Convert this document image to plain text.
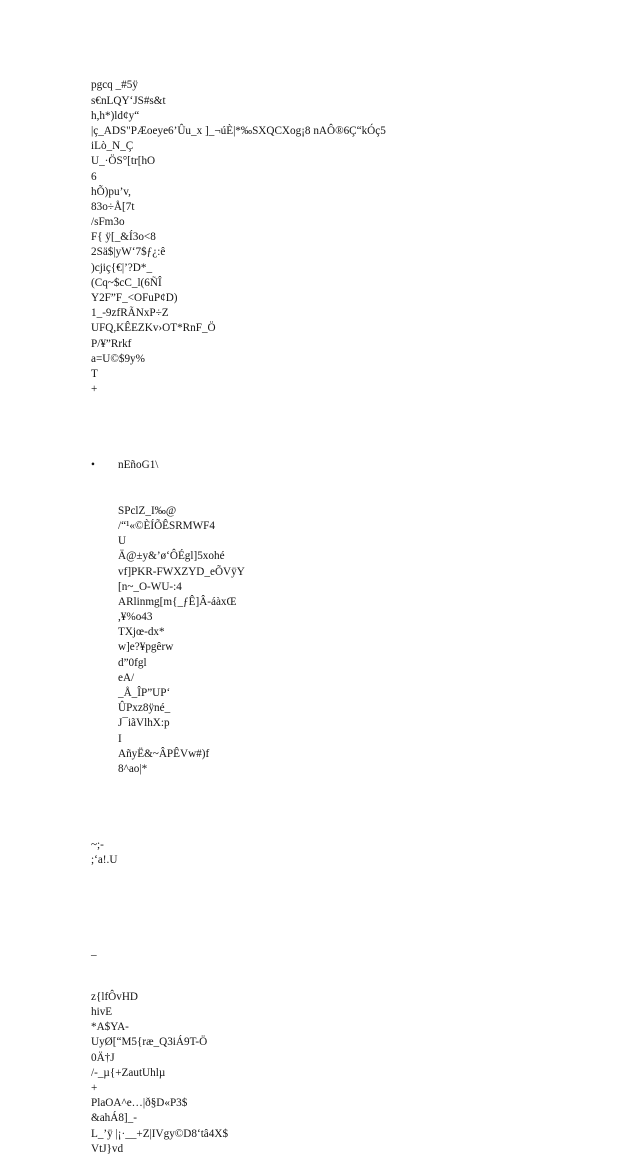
pgcq _#5ÿ
s€nLQY‘JS#s&t
h,h*)ld¢y“
|ç_ADS"PÆoeye6’Ûu_x ]_¬úÈ|*‰SXQCXog¡8 nAÔ®6Ç“kÓç5
iLò_N_Ç
U_·ÖS°[tr[hO
6
hÕ)pu’v,
83o÷Å[7t
/sFm3o
F{ ÿ[_&Í3o<8
2Sä$|yW‘7$ƒ¿:ê
)cjiç{€|’?D*_
(Cq~$cC_l(6ÑÎ
Y2F”F_<OFuP¢D)
1_-9zfRÃNxP÷Z
UFQ,KÊEZKv›OT*RnF_Ö
P/¥”Rrkf
a=U©$9y%
T
+

•	nEñoG1\

SPclZ_I‰@
/“¹«©ÈÍÕÊSRMWF4
U
Ä@±y&’ø‘ÔÉgl]5xohé
vf]PKR-FWXZYD_eÕVÿY
[n~_O-WU-:4
ARlinmg[m{_ƒÊ]Â-áàxŒ
,¥%o43
TXjœ-dx*
w]e?¥pgêrw
d”0fgl
eA/
_Å_ÎP”UP‘
ÛPxz8ÿné_
J¯iãVlhX:p
I
AñyË&~ÂPÊVw#)f
8^ao|*

~;-
;‘a!.U

_

z{lfÔvHD
hivE
*A$YA-
UyØ[“M5{ræ_Q3iÁ9T-Ö
0Ä†J
/-_µ{+ZautUhlµ
+
PlaOA^e…|ð§D«P3$
&ahÁ8]_-
L_’ÿ |¡·__+Z|IVgy©D8‘tâ4X$
VtJ}vd
